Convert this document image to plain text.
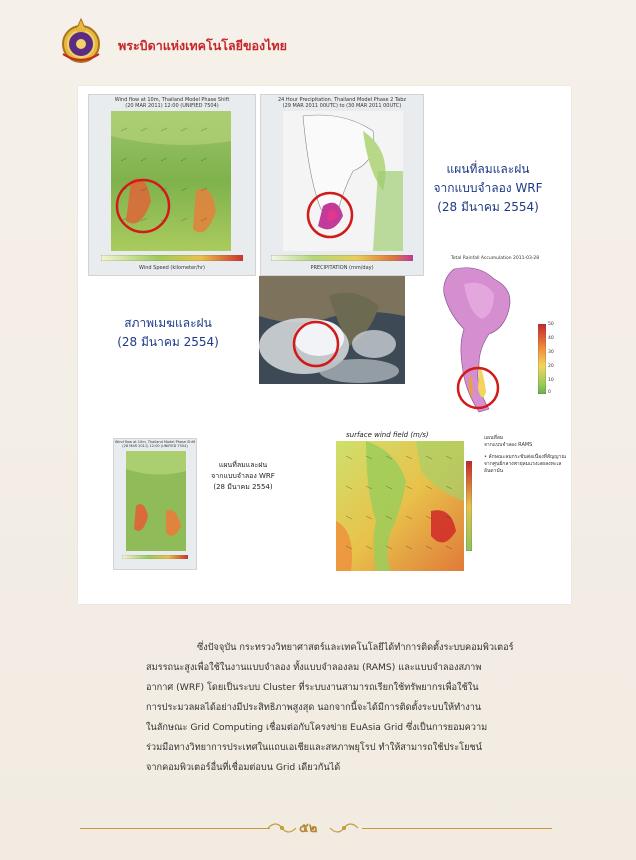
พระบิดาแห่งเทคโนโลยีของไทย
Wind flow at 10m, Thailand Model Phase Shift
(20 MAR 2011) 12:00 (UNIFIED 7504)
Wind Speed (kilometer/hr)
24 Hour Precipitation. Thailand Model Phase 2 Tabz
(29 MAR 2011 00UTC) to (30 MAR 2011 00UTC)
PRECIPITATION (mm/day)
แผนที่ลมและฝน
จากแบบจำลอง WRF
(28 มีนาคม 2554)
สภาพเมฆและฝน
(28 มีนาคม 2554)
Total Rainfall Accumulation 2011-03-28
50
40
30
20
10
0
Wind flow at 10m, Thailand Model Phase Shift
(28 MAR 2011) 12:00 (UNIFIED 7504)
แผนที่ลมและฝน
จากแบบจำลอง WRF
(28 มีนาคม 2554)
surface wind field (m/s)	แผนที่ลม
จากแบบจำลอง RAMS
• ลักษณะลมกระชันต่อเนื่องที่สัญญาณจากศูนย์กลางพายุลมแรงเลยลงทะเลอันดามัน

ซึ่งปัจจุบัน กระทรวงวิทยาศาสตร์และเทคโนโลยีได้ทำการติดตั้งระบบคอมพิวเตอร์

สมรรถนะสูงเพื่อใช้ในงานแบบจำลอง ทั้งแบบจำลองลม (RAMS) และแบบจำลองสภาพ

อากาศ (WRF) โดยเป็นระบบ Cluster ที่ระบบงานสามารถเรียกใช้ทรัพยากรเพื่อใช้ใน

การประมวลผลได้อย่างมีประสิทธิภาพสูงสุด นอกจากนี้จะได้มีการติดตั้งระบบให้ทำงาน

ในลักษณะ Grid Computing เชื่อมต่อกับโครงข่าย EuAsia Grid ซึ่งเป็นการยอมความ

ร่วมมือทางวิทยาการประเทศในแถบเอเชียและสหภาพยุโรป ทำให้สามารถใช้ประโยชน์

จากคอมพิวเตอร์อื่นที่เชื่อมต่อบน Grid เดียวกันได้

๕๒
